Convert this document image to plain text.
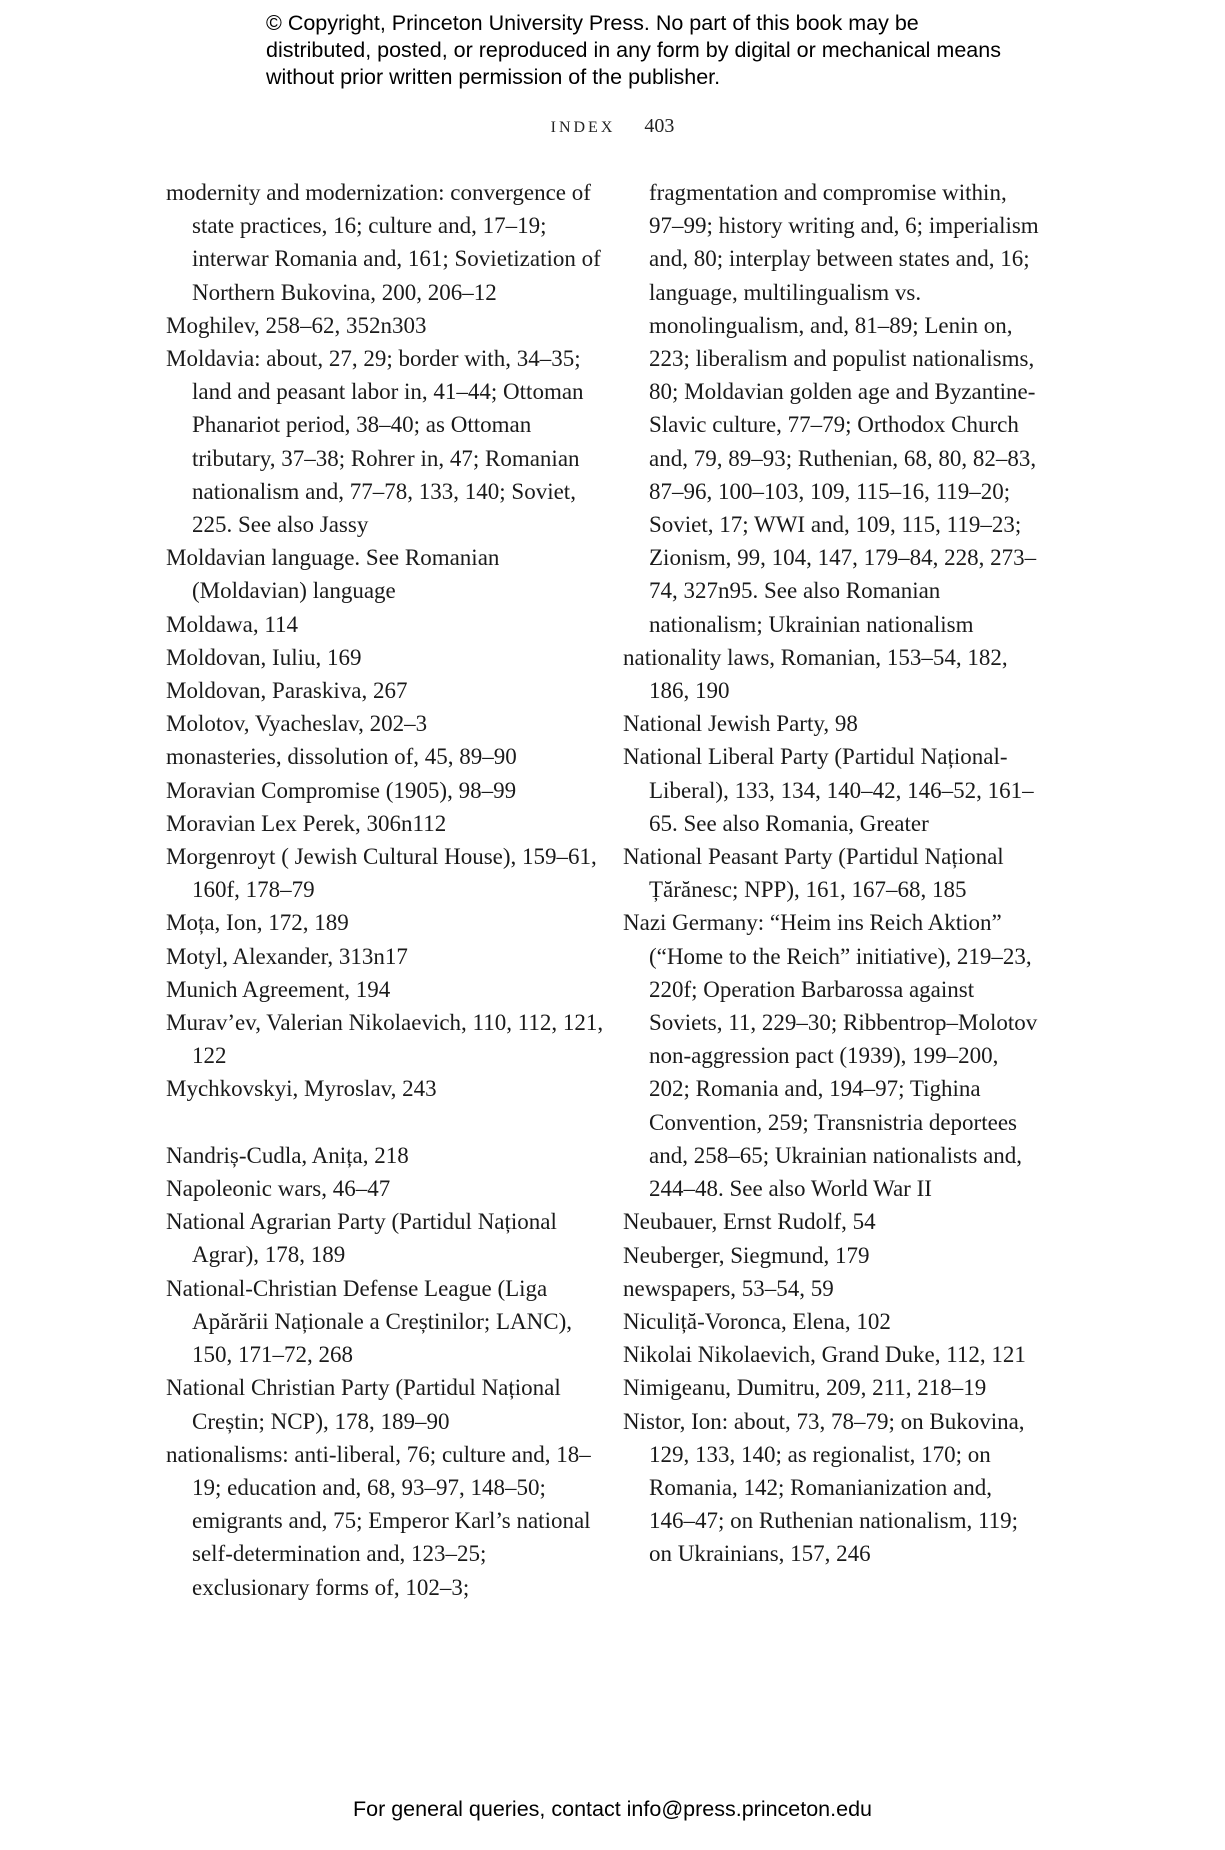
© Copyright, Princeton University Press. No part of this book may be distributed, posted, or reproduced in any form by digital or mechanical means without prior written permission of the publisher.

INDEX 403

modernity and modernization: convergence of state practices, 16; culture and, 17–19; interwar Romania and, 161; Sovietization of Northern Bukovina, 200, 206–12

Moghilev, 258–62, 352n303

Moldavia: about, 27, 29; border with, 34–35; land and peasant labor in, 41–44; Ottoman Phanariot period, 38–40; as Ottoman tributary, 37–38; Rohrer in, 47; Romanian nationalism and, 77–78, 133, 140; Soviet, 225. See also Jassy

Moldavian language. See Romanian (Moldavian) language

Moldawa, 114

Moldovan, Iuliu, 169

Moldovan, Paraskiva, 267

Molotov, Vyacheslav, 202–3

monasteries, dissolution of, 45, 89–90

Moravian Compromise (1905), 98–99

Moravian Lex Perek, 306n112

Morgenroyt ( Jewish Cultural House), 159–61, 160f, 178–79

Moța, Ion, 172, 189

Motyl, Alexander, 313n17

Munich Agreement, 194

Murav’ev, Valerian Nikolaevich, 110, 112, 121, 122

Mychkovskyi, Myroslav, 243

Nandriș-Cudla, Anița, 218

Napoleonic wars, 46–47

National Agrarian Party (Partidul Național Agrar), 178, 189

National-Christian Defense League (Liga Apărării Naționale a Creștinilor; LANC), 150, 171–72, 268

National Christian Party (Partidul Național Creștin; NCP), 178, 189–90

nationalisms: anti-liberal, 76; culture and, 18–19; education and, 68, 93–97, 148–50; emigrants and, 75; Emperor Karl’s national self-determination and, 123–25; exclusionary forms of, 102–3;

fragmentation and compromise within, 97–99; history writing and, 6; imperialism and, 80; interplay between states and, 16; language, multilingualism vs. monolingualism, and, 81–89; Lenin on, 223; liberalism and populist nationalisms, 80; Moldavian golden age and Byzantine-Slavic culture, 77–79; Orthodox Church and, 79, 89–93; Ruthenian, 68, 80, 82–83, 87–96, 100–103, 109, 115–16, 119–20; Soviet, 17; WWI and, 109, 115, 119–23; Zionism, 99, 104, 147, 179–84, 228, 273–74, 327n95. See also Romanian nationalism; Ukrainian nationalism

nationality laws, Romanian, 153–54, 182, 186, 190

National Jewish Party, 98

National Liberal Party (Partidul Național-Liberal), 133, 134, 140–42, 146–52, 161–65. See also Romania, Greater

National Peasant Party (Partidul Național Țărănesc; NPP), 161, 167–68, 185

Nazi Germany: “Heim ins Reich Aktion” (“Home to the Reich” initiative), 219–23, 220f; Operation Barbarossa against Soviets, 11, 229–30; Ribbentrop–Molotov non-aggression pact (1939), 199–200, 202; Romania and, 194–97; Tighina Convention, 259; Transnistria deportees and, 258–65; Ukrainian nationalists and, 244–48. See also World War II

Neubauer, Ernst Rudolf, 54

Neuberger, Siegmund, 179

newspapers, 53–54, 59

Niculiță-Voronca, Elena, 102

Nikolai Nikolaevich, Grand Duke, 112, 121

Nimigeanu, Dumitru, 209, 211, 218–19

Nistor, Ion: about, 73, 78–79; on Bukovina, 129, 133, 140; as regionalist, 170; on Romania, 142; Romanianization and, 146–47; on Ruthenian nationalism, 119; on Ukrainians, 157, 246

For general queries, contact info@press.princeton.edu
